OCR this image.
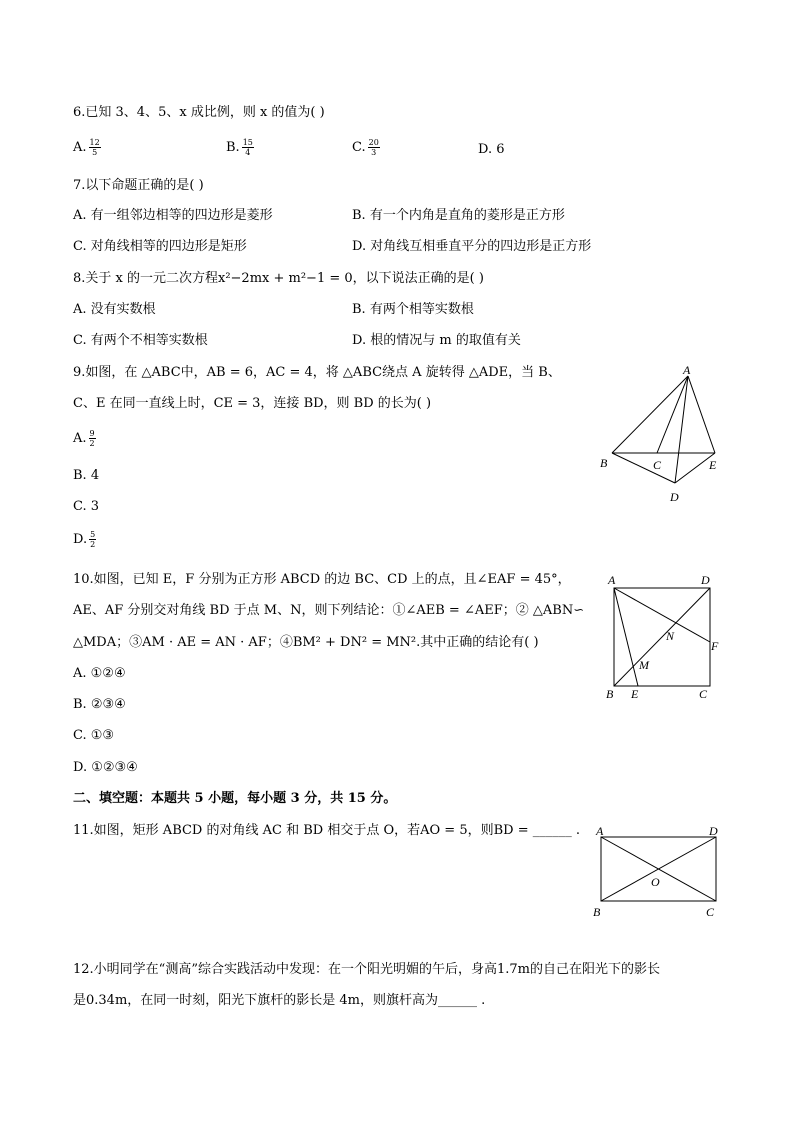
6.已知 3、4、5、x 成比例，则 x 的值为( )
A. $\frac{12}{5}$	B. $\frac{15}{4}$	C. $\frac{20}{3}$	D. 6
7.以下命题正确的是( )
A. 有一组邻边相等的四边形是菱形	B. 有一个内角是直角的菱形是正方形
C. 对角线相等的四边形是矩形	D. 对角线互相垂直平分的四边形是正方形
8.关于 x 的一元二次方程x²−2mx + m²−1 = 0，以下说法正确的是( )
A. 没有实数根	B. 有两个相等实数根
C. 有两个不相等实数根	D. 根的情况与 m 的取值有关
9.如图，在 △ABC中，AB = 6，AC = 4，将 △ABC绕点 A 旋转得 △ADE，当 B、
C、E 在同一直线上时，CE = 3，连接 BD，则 BD 的长为( )
A. $\frac{9}{2}$
B. 4
C. 3
D. $\frac{5}{2}$
A
B	C
D
E
10.如图，已知 E，F 分别为正方形 ABCD 的边 BC、CD 上的点，且∠EAF = 45°，
AE、AF 分别交对角线 BD 于点 M、N，则下列结论：①∠AEB = ∠AEF；② △ABN∽
△MDA；③AM · AE = AN · AF；④BM² + DN² = MN².其中正确的结论有( )
A. ①②④
B. ②③④
C. ①③
D. ①②③④
A	D
N
F
M
B E	C
二、填空题：本题共 5 小题，每小题 3 分，共 15 分。
11.如图，矩形 ABCD 的对角线 AC 和 BD 相交于点 O，若AO = 5，则BD = ______ . A	D
O
B	C
12.小明同学在“测高”综合实践活动中发现：在一个阳光明媚的午后，身高1.7m的自己在阳光下的影长
是0.34m，在同一时刻，阳光下旗杆的影长是 4m，则旗杆高为______ .
